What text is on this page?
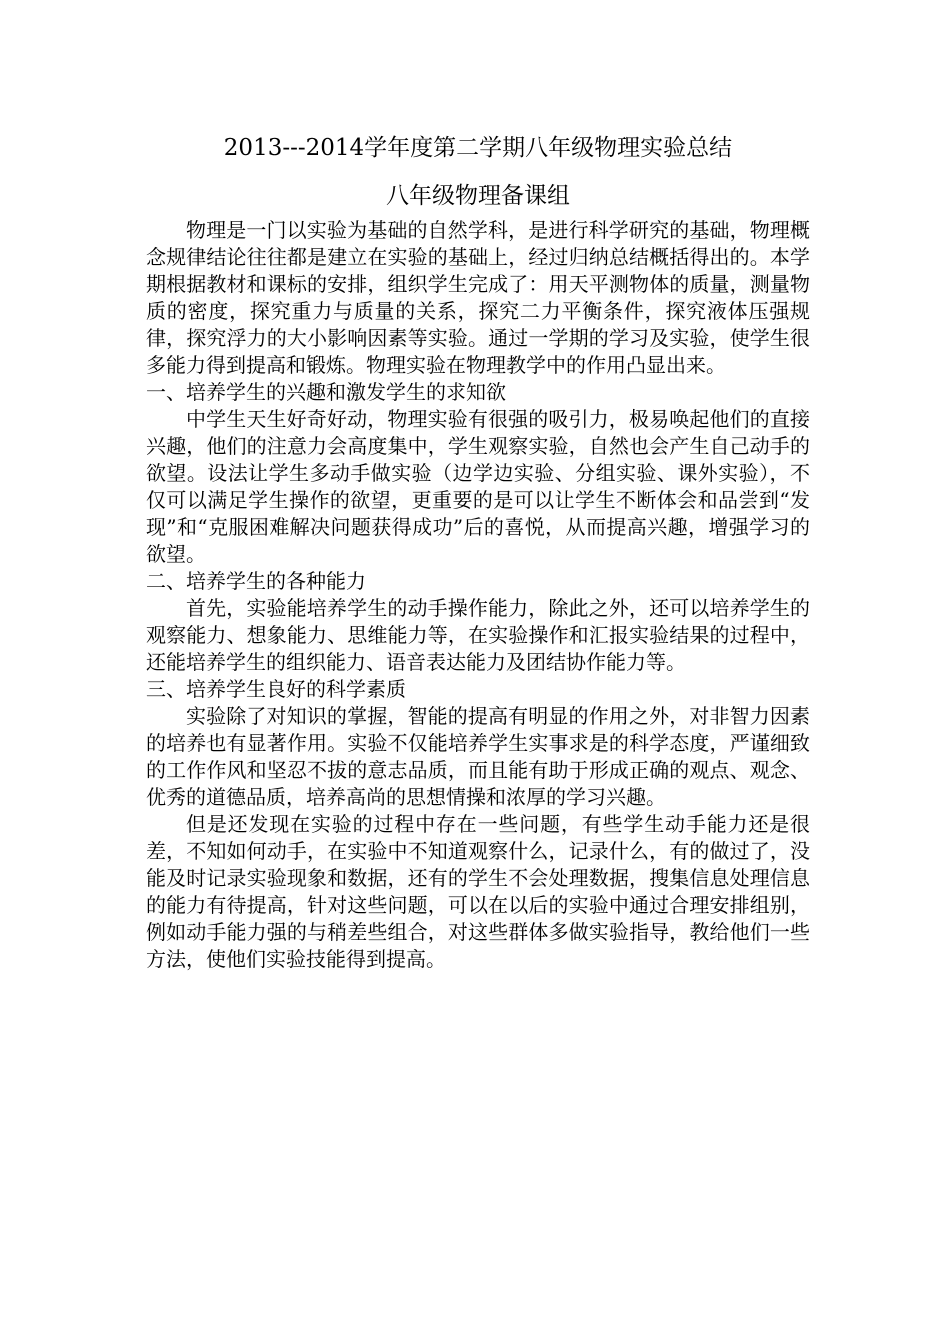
2013---2014学年度第二学期八年级物理实验总结
八年级物理备课组

物理是一门以实验为基础的自然学科，是进行科学研究的基础，物理概念规律结论往往都是建立在实验的基础上，经过归纳总结概括得出的。本学期根据教材和课标的安排，组织学生完成了：用天平测物体的质量，测量物质的密度，探究重力与质量的关系，探究二力平衡条件，探究液体压强规律，探究浮力的大小影响因素等实验。通过一学期的学习及实验，使学生很多能力得到提高和锻炼。物理实验在物理教学中的作用凸显出来。

一、培养学生的兴趣和激发学生的求知欲

中学生天生好奇好动，物理实验有很强的吸引力，极易唤起他们的直接兴趣，他们的注意力会高度集中，学生观察实验，自然也会产生自己动手的欲望。设法让学生多动手做实验（边学边实验、分组实验、课外实验），不仅可以满足学生操作的欲望，更重要的是可以让学生不断体会和品尝到“发现”和“克服困难解决问题获得成功”后的喜悦，从而提高兴趣，增强学习的欲望。

二、培养学生的各种能力

首先，实验能培养学生的动手操作能力，除此之外，还可以培养学生的观察能力、想象能力、思维能力等，在实验操作和汇报实验结果的过程中，还能培养学生的组织能力、语音表达能力及团结协作能力等。

三、培养学生良好的科学素质

实验除了对知识的掌握，智能的提高有明显的作用之外，对非智力因素的培养也有显著作用。实验不仅能培养学生实事求是的科学态度，严谨细致的工作作风和坚忍不拔的意志品质，而且能有助于形成正确的观点、观念、优秀的道德品质，培养高尚的思想情操和浓厚的学习兴趣。

但是还发现在实验的过程中存在一些问题，有些学生动手能力还是很差，不知如何动手，在实验中不知道观察什么，记录什么，有的做过了，没能及时记录实验现象和数据，还有的学生不会处理数据，搜集信息处理信息的能力有待提高，针对这些问题，可以在以后的实验中通过合理安排组别，例如动手能力强的与稍差些组合，对这些群体多做实验指导，教给他们一些方法，使他们实验技能得到提高。
